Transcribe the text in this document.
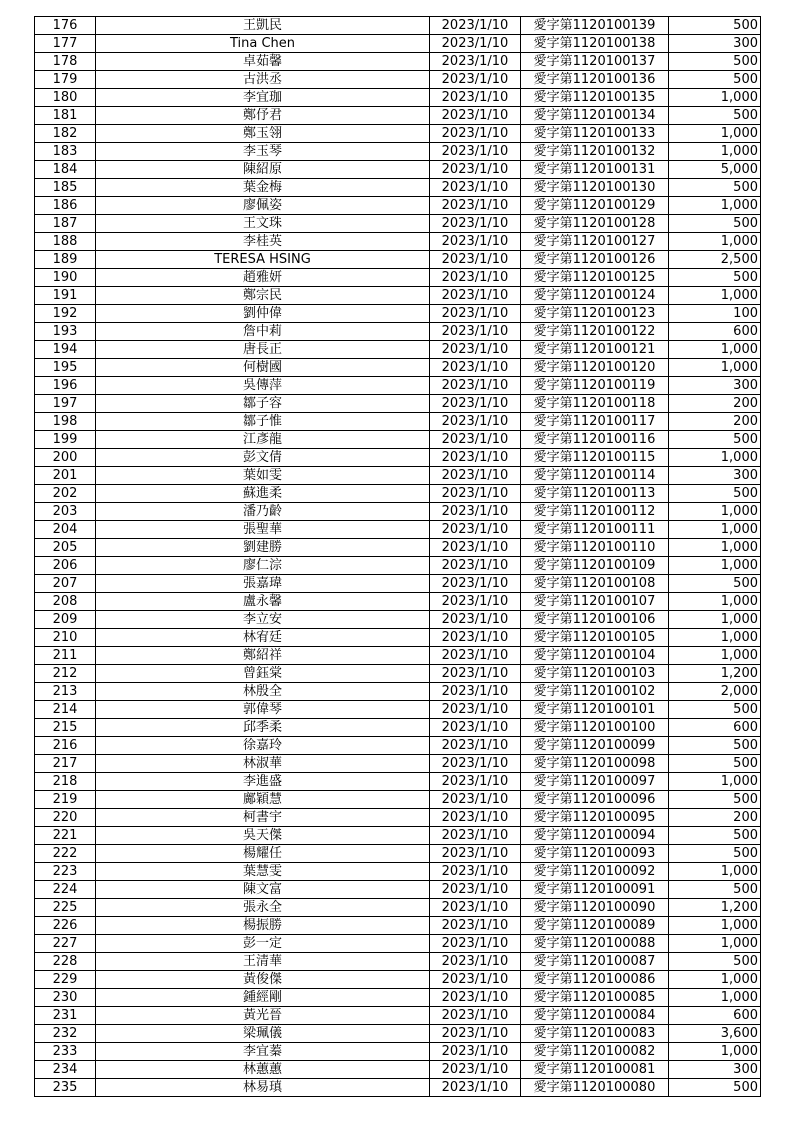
176	王凱民	2023/1/10	愛字第1120100139	500
177	Tina Chen	2023/1/10	愛字第1120100138	300
178	卓茹馨	2023/1/10	愛字第1120100137	500
179	古洪丞	2023/1/10	愛字第1120100136	500
180	李宜珈	2023/1/10	愛字第1120100135	1,000
181	鄭伃君	2023/1/10	愛字第1120100134	500
182	鄭玉翎	2023/1/10	愛字第1120100133	1,000
183	李玉琴	2023/1/10	愛字第1120100132	1,000
184	陳紹原	2023/1/10	愛字第1120100131	5,000
185	葉金梅	2023/1/10	愛字第1120100130	500
186	廖佩姿	2023/1/10	愛字第1120100129	1,000
187	王文珠	2023/1/10	愛字第1120100128	500
188	李桂英	2023/1/10	愛字第1120100127	1,000
189	TERESA HSING	2023/1/10	愛字第1120100126	2,500
190	趙雅妍	2023/1/10	愛字第1120100125	500
191	鄭宗民	2023/1/10	愛字第1120100124	1,000
192	劉仲偉	2023/1/10	愛字第1120100123	100
193	詹中莉	2023/1/10	愛字第1120100122	600
194	唐長正	2023/1/10	愛字第1120100121	1,000
195	何樹國	2023/1/10	愛字第1120100120	1,000
196	吳傳萍	2023/1/10	愛字第1120100119	300
197	鄒子容	2023/1/10	愛字第1120100118	200
198	鄒子惟	2023/1/10	愛字第1120100117	200
199	江彥龍	2023/1/10	愛字第1120100116	500
200	彭文倩	2023/1/10	愛字第1120100115	1,000
201	葉如雯	2023/1/10	愛字第1120100114	300
202	蘇進柔	2023/1/10	愛字第1120100113	500
203	潘乃齡	2023/1/10	愛字第1120100112	1,000
204	張聖華	2023/1/10	愛字第1120100111	1,000
205	劉建勝	2023/1/10	愛字第1120100110	1,000
206	廖仁淙	2023/1/10	愛字第1120100109	1,000
207	張嘉瑋	2023/1/10	愛字第1120100108	500
208	盧永馨	2023/1/10	愛字第1120100107	1,000
209	李立安	2023/1/10	愛字第1120100106	1,000
210	林宥廷	2023/1/10	愛字第1120100105	1,000
211	鄭紹祥	2023/1/10	愛字第1120100104	1,000
212	曾鈺棠	2023/1/10	愛字第1120100103	1,200
213	林殷全	2023/1/10	愛字第1120100102	2,000
214	郭偉琴	2023/1/10	愛字第1120100101	500
215	邱季柔	2023/1/10	愛字第1120100100	600
216	徐嘉玲	2023/1/10	愛字第1120100099	500
217	林淑華	2023/1/10	愛字第1120100098	500
218	李進盛	2023/1/10	愛字第1120100097	1,000
219	鄺穎慧	2023/1/10	愛字第1120100096	500
220	柯書宇	2023/1/10	愛字第1120100095	200
221	吳天傑	2023/1/10	愛字第1120100094	500
222	楊耀任	2023/1/10	愛字第1120100093	500
223	葉慧雯	2023/1/10	愛字第1120100092	1,000
224	陳文富	2023/1/10	愛字第1120100091	500
225	張永全	2023/1/10	愛字第1120100090	1,200
226	楊振勝	2023/1/10	愛字第1120100089	1,000
227	彭一定	2023/1/10	愛字第1120100088	1,000
228	王清華	2023/1/10	愛字第1120100087	500
229	黃俊傑	2023/1/10	愛字第1120100086	1,000
230	鍾經剛	2023/1/10	愛字第1120100085	1,000
231	黃光晉	2023/1/10	愛字第1120100084	600
232	梁珮儀	2023/1/10	愛字第1120100083	3,600
233	李宜蓁	2023/1/10	愛字第1120100082	1,000
234	林蕙蕙	2023/1/10	愛字第1120100081	300
235	林易瑱	2023/1/10	愛字第1120100080	500
